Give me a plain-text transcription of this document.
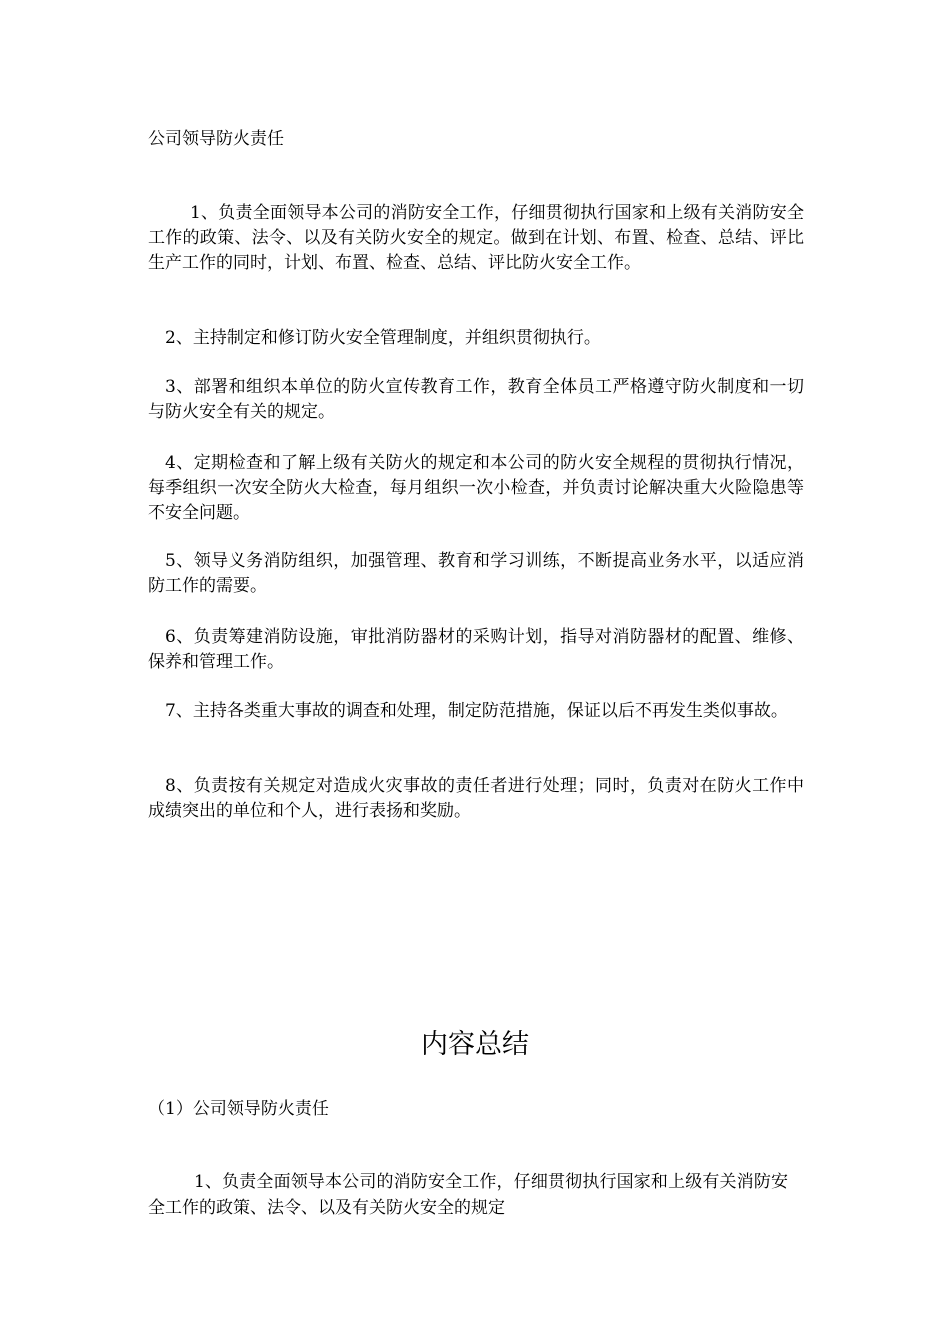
公司领导防火责任

1、负责全面领导本公司的消防安全工作，仔细贯彻执行国家和上级有关消防安全工作的政策、法令、以及有关防火安全的规定。做到在计划、布置、检查、总结、评比生产工作的同时，计划、布置、检查、总结、评比防火安全工作。

2、主持制定和修订防火安全管理制度，并组织贯彻执行。

3、部署和组织本单位的防火宣传教育工作，教育全体员工严格遵守防火制度和一切与防火安全有关的规定。

4、定期检查和了解上级有关防火的规定和本公司的防火安全规程的贯彻执行情况，每季组织一次安全防火大检查，每月组织一次小检查，并负责讨论解决重大火险隐患等不安全问题。

5、领导义务消防组织，加强管理、教育和学习训练，不断提高业务水平，以适应消防工作的需要。

6、负责筹建消防设施，审批消防器材的采购计划，指导对消防器材的配置、维修、保养和管理工作。

7、主持各类重大事故的调查和处理，制定防范措施，保证以后不再发生类似事故。

8、负责按有关规定对造成火灾事故的责任者进行处理；同时，负责对在防火工作中成绩突出的单位和个人，进行表扬和奖励。

内容总结

（1）公司领导防火责任

1、负责全面领导本公司的消防安全工作，仔细贯彻执行国家和上级有关消防安全工作的政策、法令、以及有关防火安全的规定
